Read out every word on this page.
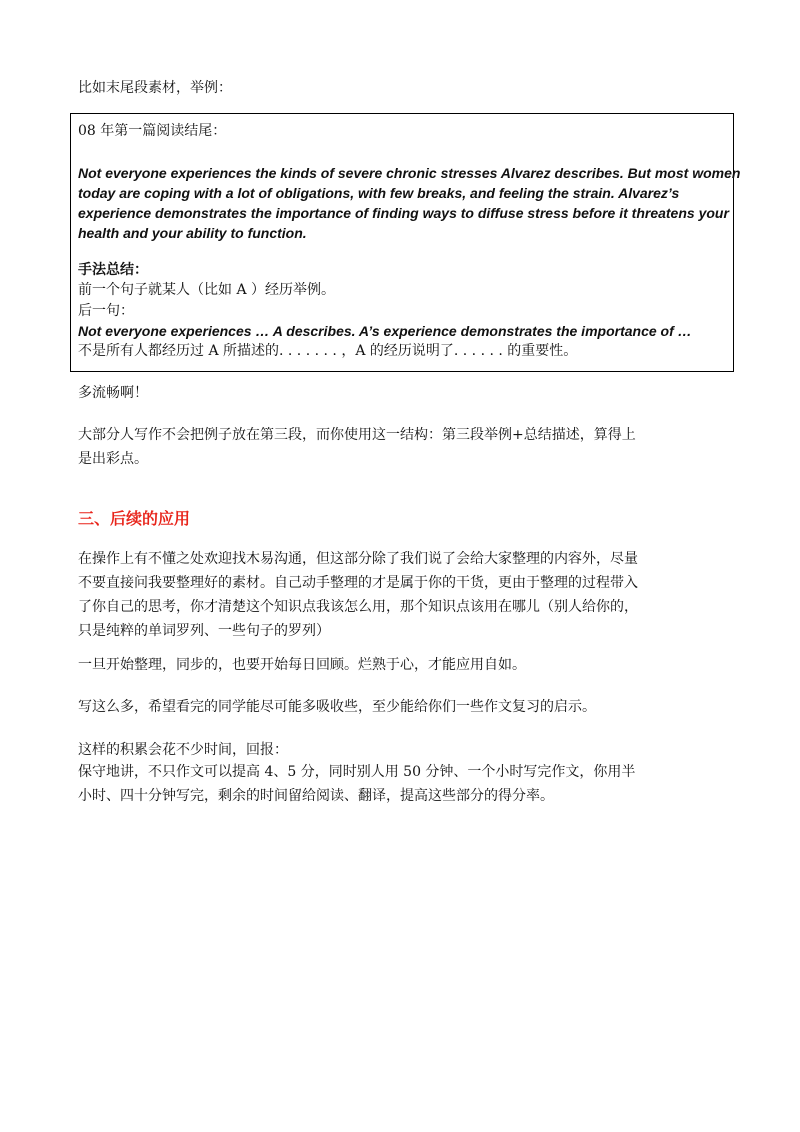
比如末尾段素材，举例：
08 年第一篇阅读结尾：
Not everyone experiences the kinds of severe chronic stresses Alvarez describes. But most women
today are coping with a lot of obligations, with few breaks, and feeling the strain. Alvarez’s
experience demonstrates the importance of finding ways to diffuse stress before it threatens your
health and your ability to function.
手法总结：
前一个句子就某人（比如 A ）经历举例。
后一句：
Not everyone experiences … A describes. A’s experience demonstrates the importance of …
不是所有人都经历过 A 所描述的. . . . . . . ，A 的经历说明了. . . . . . 的重要性。
多流畅啊！
大部分人写作不会把例子放在第三段，而你使用这一结构：第三段举例+总结描述，算得上
是出彩点。
三、后续的应用
在操作上有不懂之处欢迎找木易沟通，但这部分除了我们说了会给大家整理的内容外，尽量
不要直接问我要整理好的素材。自己动手整理的才是属于你的干货，更由于整理的过程带入
了你自己的思考，你才清楚这个知识点我该怎么用，那个知识点该用在哪儿（别人给你的，
只是纯粹的单词罗列、一些句子的罗列）
一旦开始整理，同步的，也要开始每日回顾。烂熟于心，才能应用自如。
写这么多，希望看完的同学能尽可能多吸收些，至少能给你们一些作文复习的启示。
这样的积累会花不少时间，回报：
保守地讲，不只作文可以提高 4、5 分，同时别人用 50 分钟、一个小时写完作文，你用半
小时、四十分钟写完，剩余的时间留给阅读、翻译，提高这些部分的得分率。
